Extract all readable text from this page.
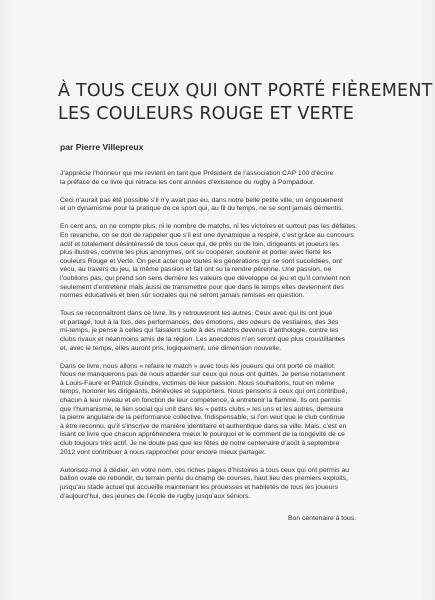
À TOUS CEUX QUI ONT PORTÉ FIÈREMENT
LES COULEURS ROUGE ET VERTE

par Pierre Villepreux

J’apprécie l’honneur qui me revient en tant que Président de l’association CAP 100 d’écrire
la préface de ce livre qui retrace les cent années d’existence du rugby à Pompadour.

Ceci n’aurait pas été possible s’il n’y avait pas eu, dans notre belle petite ville, un engouement
et un dynamisme pour la pratique de ce sport qui, au fil du temps, ne se sont jamais démentis.

En cent ans, on ne compte plus, ni le nombre de matchs, ni les victoires et surtout pas les défaites.
En revanche, on se doit de rappeler que s’il est une dynamique a respiré, c’est grâce au concours
actif et totalement désintéressé de tous ceux qui, de près ou de loin, dirigeants et joueurs les
plus illustres, comme les plus anonymes, ont su coopérer, soutenir et porter avec fierté les
couleurs Rouge et Verte. On peut acter que toutes les générations qui se sont succédées, ont
vécu, au travers du jeu, la même passion et fait ont su la rendre pérenne. Une passion, ne
l’oublions pas, qui prend son sens derrière les valeurs que développe ce jeu et qu’il convient non
seulement d’entretenir mais aussi de transmettre pour que dans le temps elles deviennent des
normes éducatives et bien sûr sociales qui ne seront jamais remises en question.

Tous se reconnaîtront dans ce livre. Ils y retrouveront les autres. Ceux avec qui ils ont joué
et partagé, tout à la fois, des performances, des émotions, des odeurs de vestiaires, des 3es
mi-temps, je pense à celles qui faisaient suite à des matchs devenus d’anthologie, contre les
clubs rivaux et néanmoins amis de la région. Les anecdotes n’en seront que plus croustillantes
et, avec le temps, elles auront pris, logiquement, une dimension nouvelle.

Dans ce livre, nous allons « refaire le match » avec tous les joueurs qui ont porté ce maillot.
Nous ne manquerons pas de nous attarder sur ceux qui nous ont quittés. Je pense notamment
à Louis-Faure et Patrick Guindre, victimes de leur passion. Nous souhaitons, tout en même
temps, honorer les dirigeants, bénévoles et supporters. Nous pensons à ceux qui ont contribué,
chacun à leur niveau et en fonction de leur compétence, à entretenir la flamme. Ils ont permis
que l’humanisme, le lien social qui unit dans les « petits clubs » les uns et les autres, demeure
la pierre angulaire de la performance collective. Indispensable, si l’on veut que le club continue
à être reconnu, qu’il s’inscrive de manière identitaire et authentique dans sa ville. Mais, c’est en
lisant ce livre que chacun appréhendera mieux le pourquoi et le comment de la longévité de ce
club toujours très actif. Je ne doute pas que les fêtes de notre centenaire d’août à septembre
2012 vont contribuer à nous rapprocher pour encore mieux partager.

Autorisez-moi à dédier, en votre nom, ces riches pages d’histoires à tous ceux qui ont permis au
ballon ovale de rebondir, du terrain pentu du champ de courses, haut lieu des premiers exploits,
jusqu’au stade actuel qui accueille maintenant les prouesses et habiletés de tous les joueurs
d’aujourd’hui, des jeunes de l’école de rugby jusqu’aux séniors.

Bon centenaire à tous.
